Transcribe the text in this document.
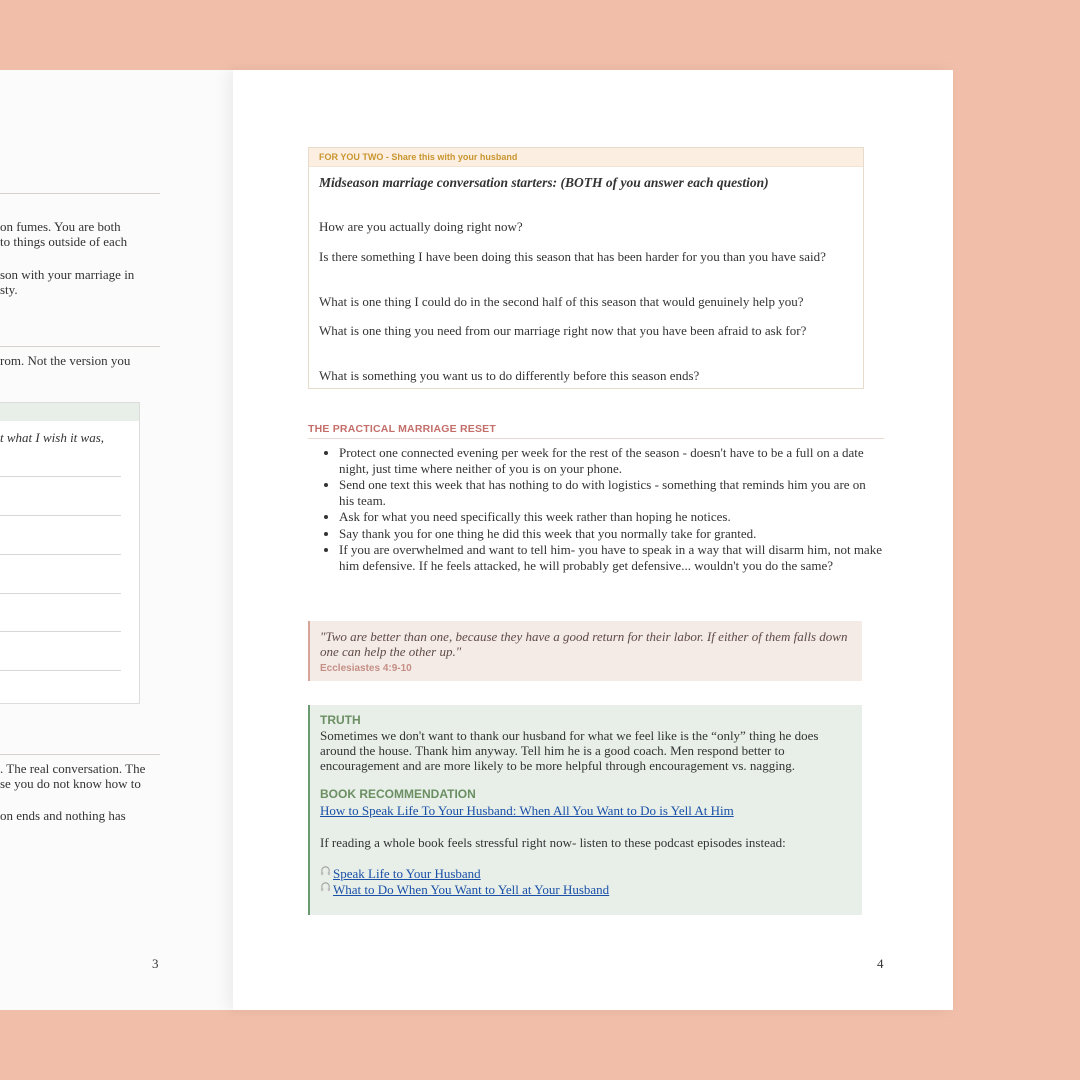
on fumes. You are both
to things outside of each
son with your marriage in
sty.
rom. Not the version you
t what I wish it was,
. The real conversation. The
se you do not know how to
on ends and nothing has
3
FOR YOU TWO - Share this with your husband
Midseason marriage conversation starters: (BOTH of you answer each question)
How are you actually doing right now?
Is there something I have been doing this season that has been harder for you than you have said?
What is one thing I could do in the second half of this season that would genuinely help you?
What is one thing you need from our marriage right now that you have been afraid to ask for?
What is something you want us to do differently before this season ends?
THE PRACTICAL MARRIAGE RESET
• Protect one connected evening per week for the rest of the season - doesn't have to be a full on a date night, just time where neither of you is on your phone.
• Send one text this week that has nothing to do with logistics - something that reminds him you are on his team.
• Ask for what you need specifically this week rather than hoping he notices.
• Say thank you for one thing he did this week that you normally take for granted.
• If you are overwhelmed and want to tell him- you have to speak in a way that will disarm him, not make him defensive. If he feels attacked, he will probably get defensive... wouldn't you do the same?
"Two are better than one, because they have a good return for their labor. If either of them falls down one can help the other up."
Ecclesiastes 4:9-10
TRUTH
Sometimes we don't want to thank our husband for what we feel like is the “only” thing he does around the house. Thank him anyway. Tell him he is a good coach. Men respond better to encouragement and are more likely to be more helpful through encouragement vs. nagging.
BOOK RECOMMENDATION
How to Speak Life To Your Husband: When All You Want to Do is Yell At Him
If reading a whole book feels stressful right now- listen to these podcast episodes instead:
Speak Life to Your Husband
What to Do When You Want to Yell at Your Husband
4
